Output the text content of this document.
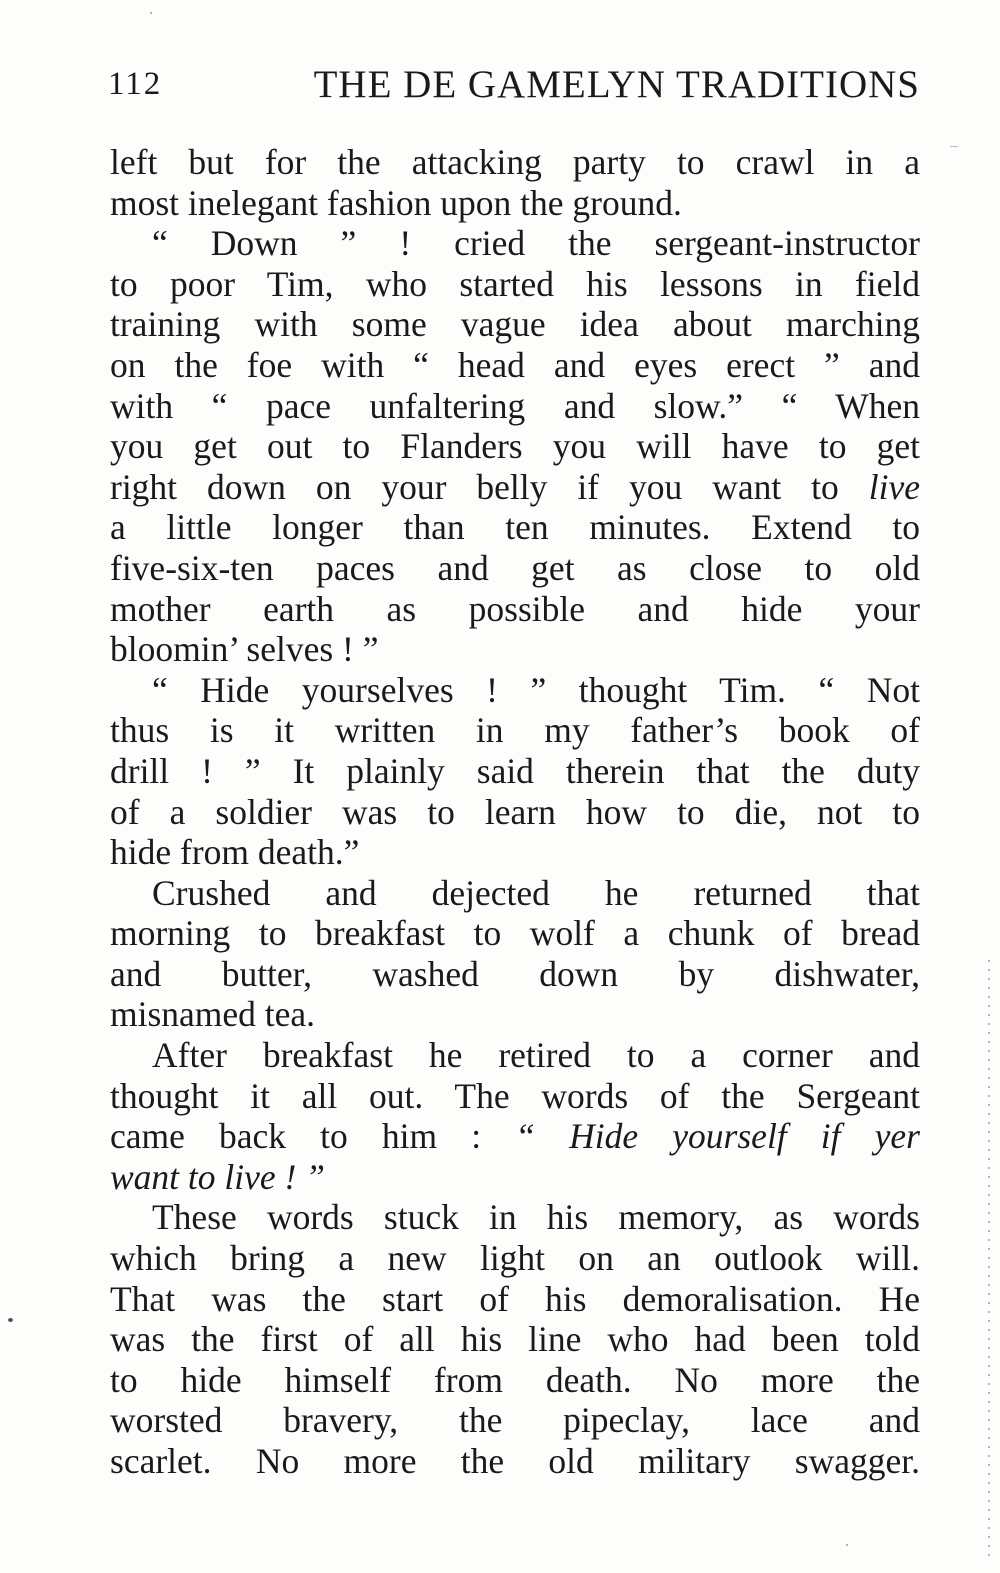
112	THE DE GAMELYN TRADITIONS
left but for the attacking party to crawl in a
most inelegant fashion upon the ground.
“ Down ” ! cried the sergeant-instructor
to poor Tim, who started his lessons in field
training with some vague idea about marching
on the foe with “ head and eyes erect ” and
with “ pace unfaltering and slow.” “ When
you get out to Flanders you will have to get
right down on your belly if you want to live
a little longer than ten minutes. Extend to
five-six-ten paces and get as close to old
mother earth as possible and hide your
bloomin’ selves ! ”
“ Hide yourselves ! ” thought Tim. “ Not
thus is it written in my father’s book of
drill ! ” It plainly said therein that the duty
of a soldier was to learn how to die, not to
hide from death.”
Crushed and dejected he returned that
morning to breakfast to wolf a chunk of bread
and butter, washed down by dishwater,
misnamed tea.
After breakfast he retired to a corner and
thought it all out. The words of the Sergeant
came back to him : “ Hide yourself if yer
want to live ! ”
These words stuck in his memory, as words
which bring a new light on an outlook will.
That was the start of his demoralisation. He
was the first of all his line who had been told
to hide himself from death. No more the
worsted bravery, the pipeclay, lace and
scarlet. No more the old military swagger.
